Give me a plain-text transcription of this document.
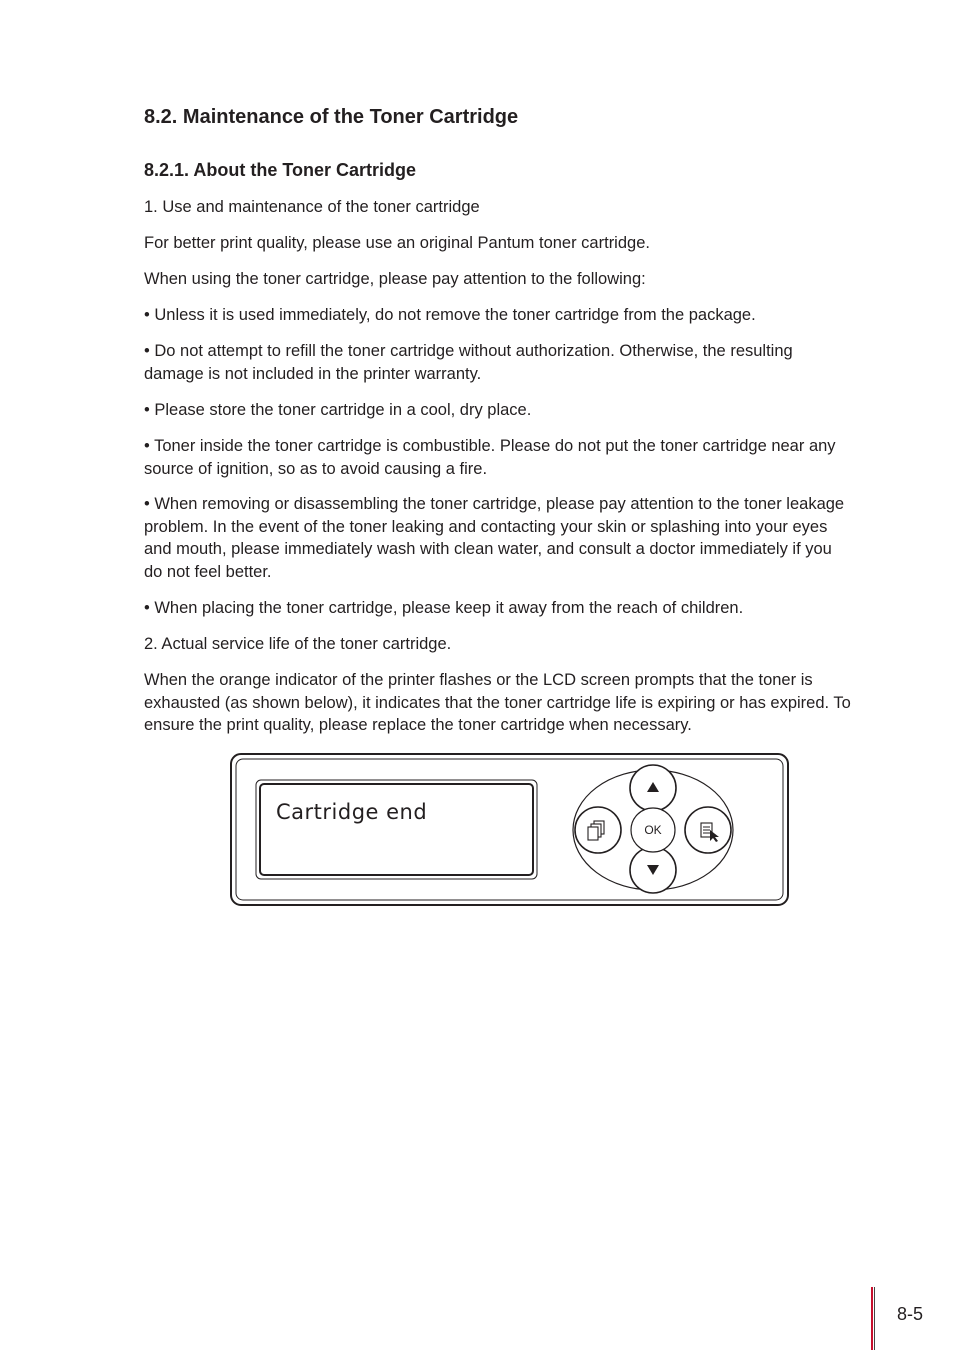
8.2. Maintenance of the Toner Cartridge
8.2.1. About the Toner Cartridge

1. Use and maintenance of the toner cartridge

For better print quality, please use an original Pantum toner cartridge.

When using the toner cartridge, please pay attention to the following:

• Unless it is used immediately, do not remove the toner cartridge from the package.

• Do not attempt to refill the toner cartridge without authorization. Otherwise, the resulting damage is not included in the printer warranty.

• Please store the toner cartridge in a cool, dry place.

• Toner inside the toner cartridge is combustible. Please do not put the toner cartridge near any source of ignition, so as to avoid causing a fire.

• When removing or disassembling the toner cartridge, please pay attention to the toner leakage problem. In the event of the toner leaking and contacting your skin or splashing into your eyes and mouth, please immediately wash with clean water, and consult a doctor immediately if you do not feel better.

• When placing the toner cartridge, please keep it away from the reach of children.

2. Actual service life of the toner cartridge.

When the orange indicator of the printer flashes or the LCD screen prompts that the toner is exhausted (as shown below), it indicates that the toner cartridge life is expiring or has expired. To ensure the print quality, please replace the toner cartridge when necessary.

Cartridge end
OK
8-5
